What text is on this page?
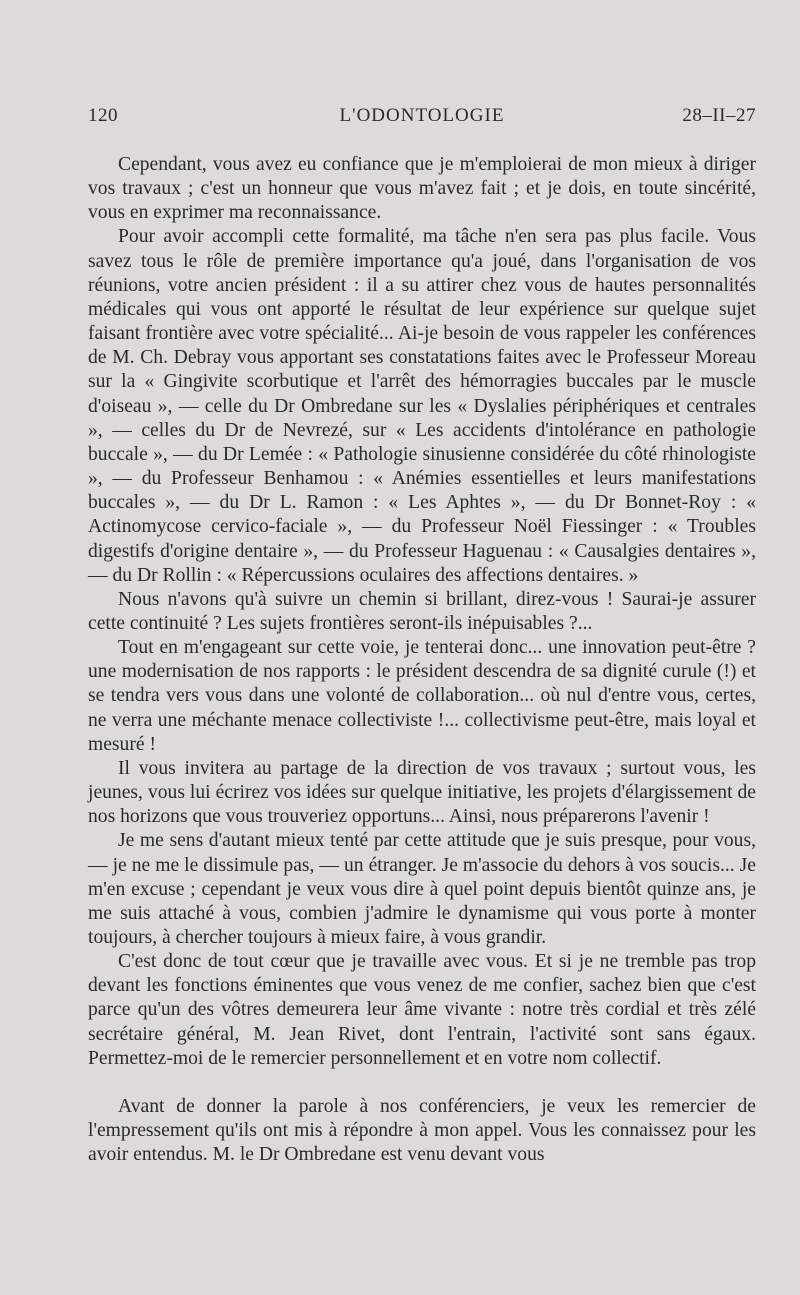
120	L'ODONTOLOGIE	28–II–27

Cependant, vous avez eu confiance que je m'emploierai de mon mieux à diriger vos travaux ; c'est un honneur que vous m'avez fait ; et je dois, en toute sincérité, vous en exprimer ma reconnaissance.

Pour avoir accompli cette formalité, ma tâche n'en sera pas plus facile. Vous savez tous le rôle de première importance qu'a joué, dans l'organisation de vos réunions, votre ancien président : il a su attirer chez vous de hautes personnalités médicales qui vous ont apporté le résultat de leur expérience sur quelque sujet faisant frontière avec votre spécialité... Ai-je besoin de vous rappeler les conférences de M. Ch. Debray vous apportant ses constatations faites avec le Professeur Moreau sur la « Gingivite scorbutique et l'arrêt des hémorragies buccales par le muscle d'oiseau », — celle du Dr Ombredane sur les « Dyslalies périphériques et centrales », — celles du Dr de Nevrezé, sur « Les accidents d'intolérance en pathologie buccale », — du Dr Lemée : « Pathologie sinusienne considérée du côté rhinologiste », — du Professeur Benhamou : « Anémies essentielles et leurs manifestations buccales », — du Dr L. Ramon : « Les Aphtes », — du Dr Bonnet-Roy : « Actinomycose cervico-faciale », — du Professeur Noël Fiessinger : « Troubles digestifs d'origine dentaire », — du Professeur Haguenau : « Causalgies dentaires », — du Dr Rollin : « Répercussions oculaires des affections dentaires. »

Nous n'avons qu'à suivre un chemin si brillant, direz-vous ! Saurai-je assurer cette continuité ? Les sujets frontières seront-ils inépuisables ?...

Tout en m'engageant sur cette voie, je tenterai donc... une innovation peut-être ? une modernisation de nos rapports : le président descendra de sa dignité curule (!) et se tendra vers vous dans une volonté de collaboration... où nul d'entre vous, certes, ne verra une méchante menace collectiviste !... collectivisme peut-être, mais loyal et mesuré !

Il vous invitera au partage de la direction de vos travaux ; surtout vous, les jeunes, vous lui écrirez vos idées sur quelque initiative, les projets d'élargissement de nos horizons que vous trouveriez opportuns... Ainsi, nous préparerons l'avenir !

Je me sens d'autant mieux tenté par cette attitude que je suis presque, pour vous, — je ne me le dissimule pas, — un étranger. Je m'associe du dehors à vos soucis... Je m'en excuse ; cependant je veux vous dire à quel point depuis bientôt quinze ans, je me suis attaché à vous, combien j'admire le dynamisme qui vous porte à monter toujours, à chercher toujours à mieux faire, à vous grandir.

C'est donc de tout cœur que je travaille avec vous. Et si je ne tremble pas trop devant les fonctions éminentes que vous venez de me confier, sachez bien que c'est parce qu'un des vôtres demeurera leur âme vivante : notre très cordial et très zélé secrétaire général, M. Jean Rivet, dont l'entrain, l'activité sont sans égaux. Permettez-moi de le remercier personnellement et en votre nom collectif.

Avant de donner la parole à nos conférenciers, je veux les remercier de l'empressement qu'ils ont mis à répondre à mon appel. Vous les connaissez pour les avoir entendus. M. le Dr Ombredane est venu devant vous
